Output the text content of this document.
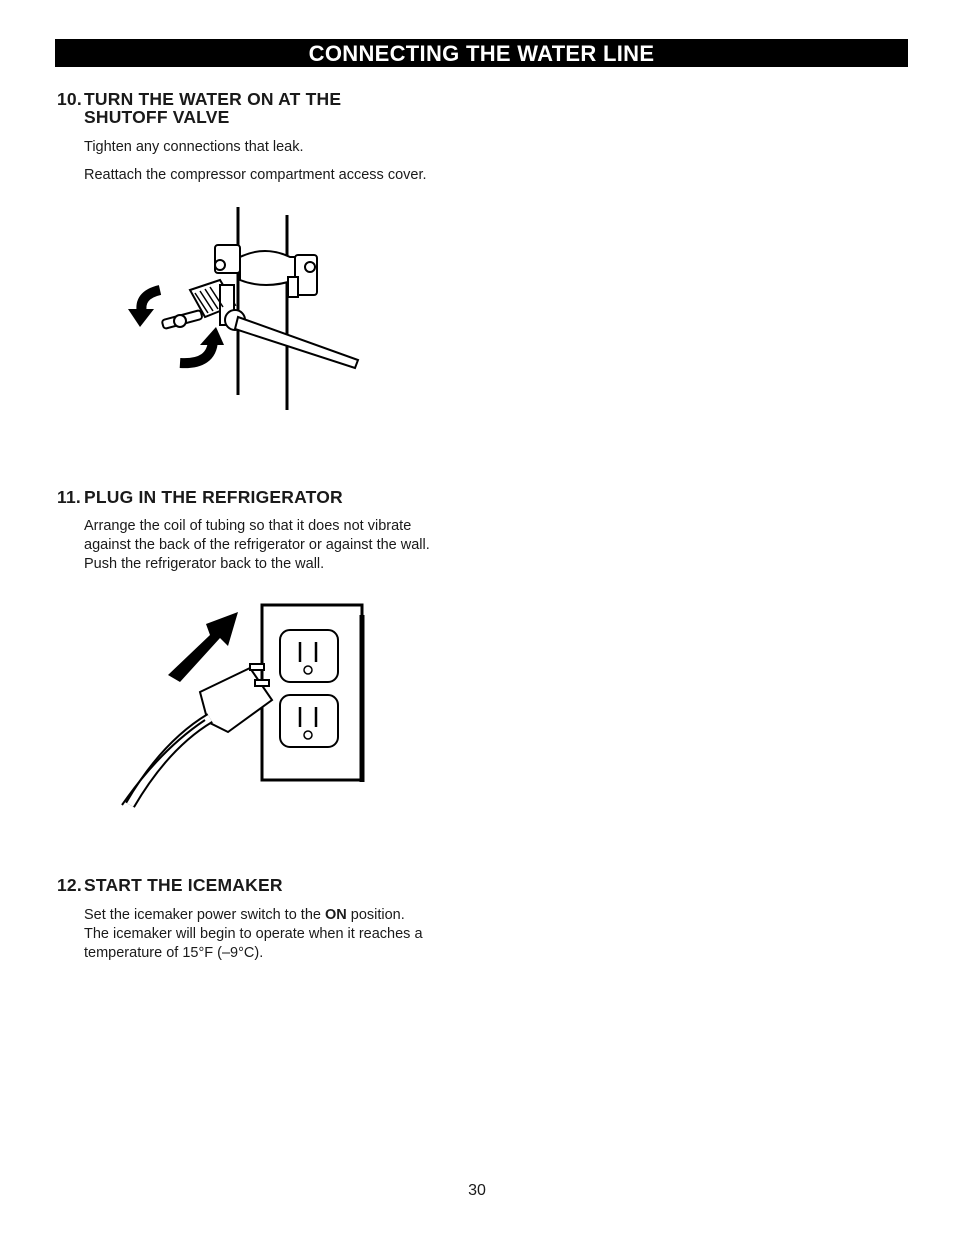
CONNECTING THE WATER LINE
10. TURN THE WATER ON AT THE
SHUTOFF VALVE

Tighten any connections that leak.

Reattach the compressor compartment access cover.

11. PLUG IN THE REFRIGERATOR

Arrange the coil of tubing so that it does not vibrate

against the back of the refrigerator or against the wall.

Push the refrigerator back to the wall.

12. START THE ICEMAKER

Set the icemaker power switch to the ON position.

The icemaker will begin to operate when it reaches a

temperature of 15°F (–9°C).

30
